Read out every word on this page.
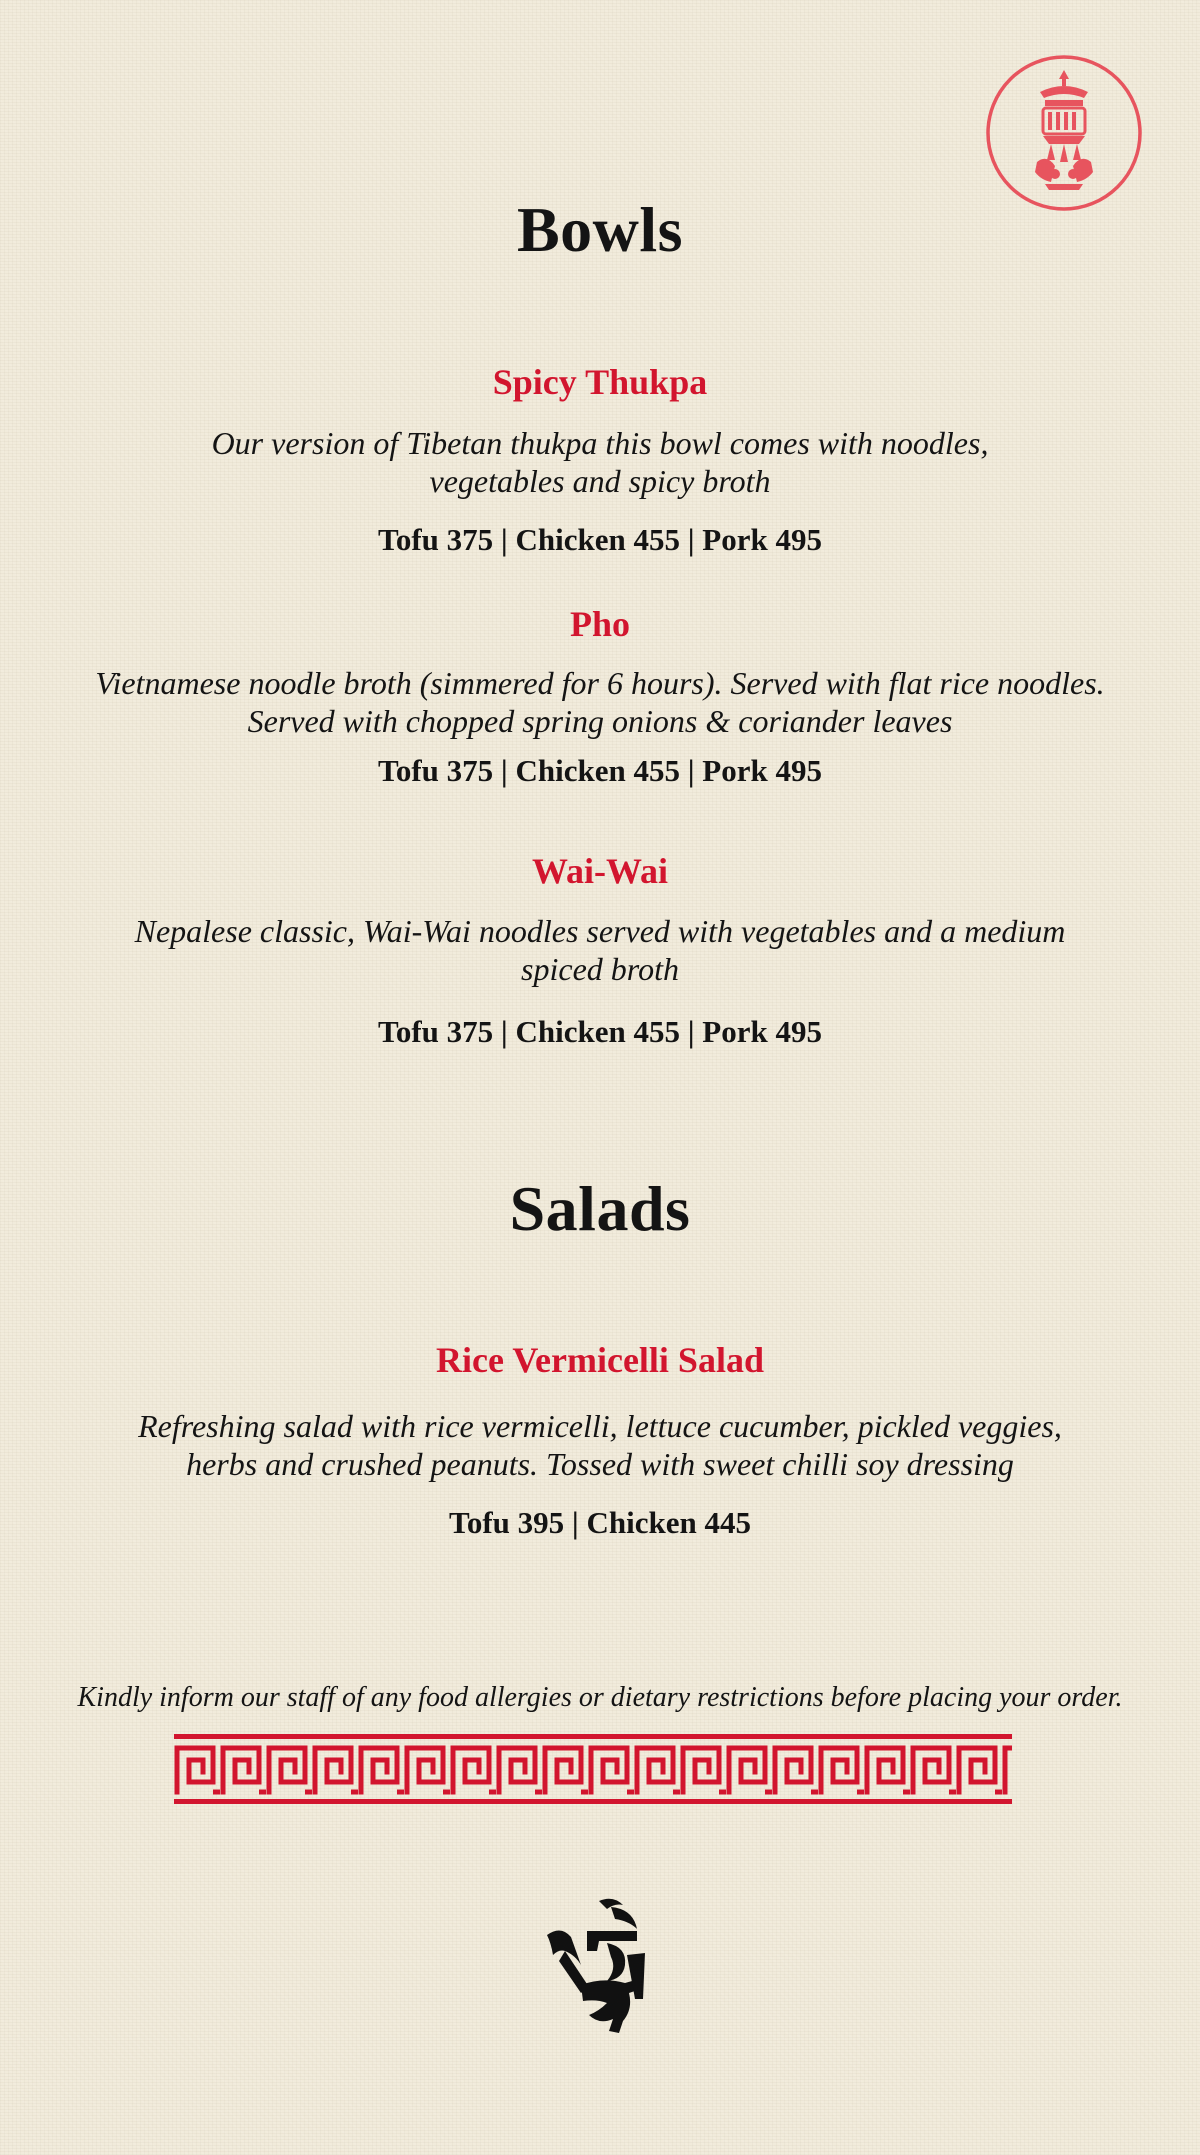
Bowls
Spicy Thukpa
Our version of Tibetan thukpa this bowl comes with noodles,
vegetables and spicy broth
Tofu 375 | Chicken 455 | Pork 495
Pho
Vietnamese noodle broth (simmered for 6 hours). Served with flat rice noodles.
Served with chopped spring onions & coriander leaves
Tofu 375 | Chicken 455 | Pork 495
Wai-Wai
Nepalese classic, Wai-Wai noodles served with vegetables and a medium
spiced broth
Tofu 375 | Chicken 455 | Pork 495
Salads
Rice Vermicelli Salad
Refreshing salad with rice vermicelli, lettuce cucumber, pickled veggies,
herbs and crushed peanuts. Tossed with sweet chilli soy dressing
Tofu 395 | Chicken 445
Kindly inform our staff of any food allergies or dietary restrictions before placing your order.
